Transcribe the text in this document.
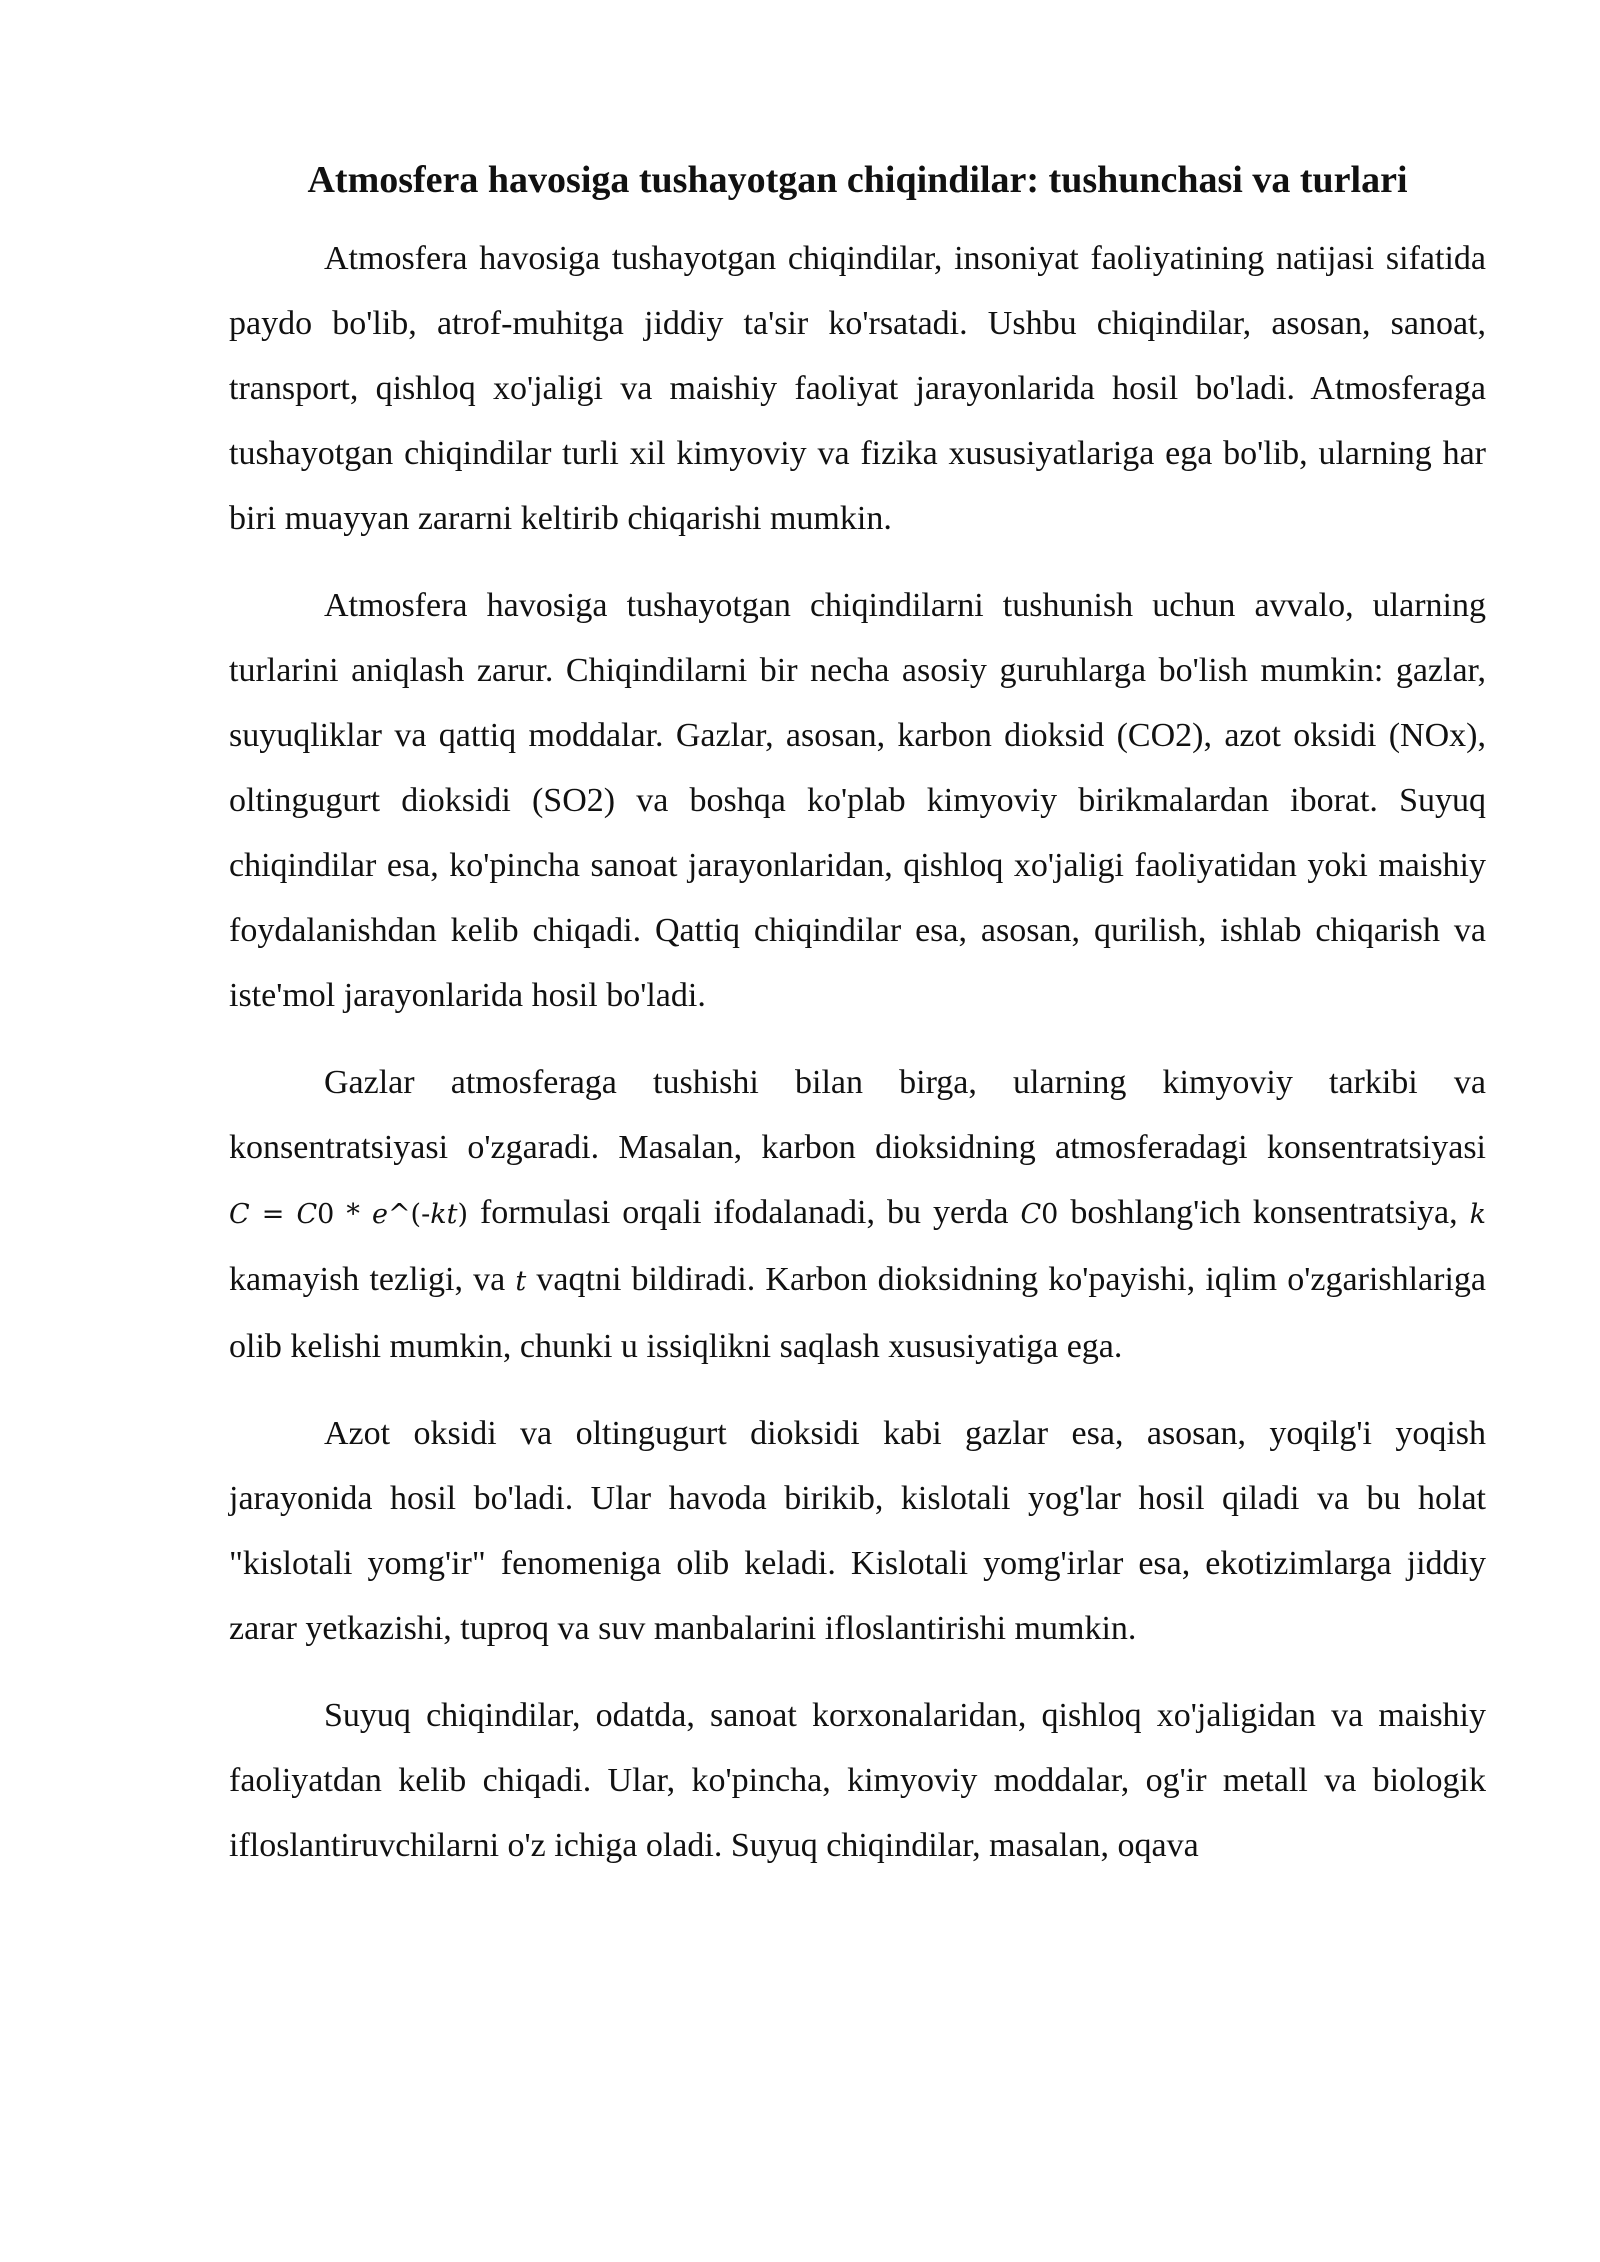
Atmosfera havosiga tushayotgan chiqindilar: tushunchasi va turlari

Atmosfera havosiga tushayotgan chiqindilar, insoniyat faoliyatining natijasi sifatida paydo bo'lib, atrof-muhitga jiddiy ta'sir ko'rsatadi. Ushbu chiqindilar, asosan, sanoat, transport, qishloq xo'jaligi va maishiy faoliyat jarayonlarida hosil bo'ladi. Atmosferaga tushayotgan chiqindilar turli xil kimyoviy va fizika xususiyatlariga ega bo'lib, ularning har biri muayyan zararni keltirib chiqarishi mumkin.

Atmosfera havosiga tushayotgan chiqindilarni tushunish uchun avvalo, ularning turlarini aniqlash zarur. Chiqindilarni bir necha asosiy guruhlarga bo'lish mumkin: gazlar, suyuqliklar va qattiq moddalar. Gazlar, asosan, karbon dioksid (CO2), azot oksidi (NOx), oltingugurt dioksidi (SO2) va boshqa ko'plab kimyoviy birikmalardan iborat. Suyuq chiqindilar esa, ko'pincha sanoat jarayonlaridan, qishloq xo'jaligi faoliyatidan yoki maishiy foydalanishdan kelib chiqadi. Qattiq chiqindilar esa, asosan, qurilish, ishlab chiqarish va iste'mol jarayonlarida hosil bo'ladi.

Gazlar atmosferaga tushishi bilan birga, ularning kimyoviy tarkibi va konsentratsiyasi o'zgaradi. Masalan, karbon dioksidning atmosferadagi konsentratsiyasi C = C0 * e^(-kt) formulasi orqali ifodalanadi, bu yerda C0 boshlang'ich konsentratsiya, k kamayish tezligi, va t vaqtni bildiradi. Karbon dioksidning ko'payishi, iqlim o'zgarishlariga olib kelishi mumkin, chunki u issiqlikni saqlash xususiyatiga ega.

Azot oksidi va oltingugurt dioksidi kabi gazlar esa, asosan, yoqilg'i yoqish jarayonida hosil bo'ladi. Ular havoda birikib, kislotali yog'lar hosil qiladi va bu holat "kislotali yomg'ir" fenomeniga olib keladi. Kislotali yomg'irlar esa, ekotizimlarga jiddiy zarar yetkazishi, tuproq va suv manbalarini ifloslantirishi mumkin.

Suyuq chiqindilar, odatda, sanoat korxonalaridan, qishloq xo'jaligidan va maishiy faoliyatdan kelib chiqadi. Ular, ko'pincha, kimyoviy moddalar, og'ir metall va biologik ifloslantiruvchilarni o'z ichiga oladi. Suyuq chiqindilar, masalan, oqava
